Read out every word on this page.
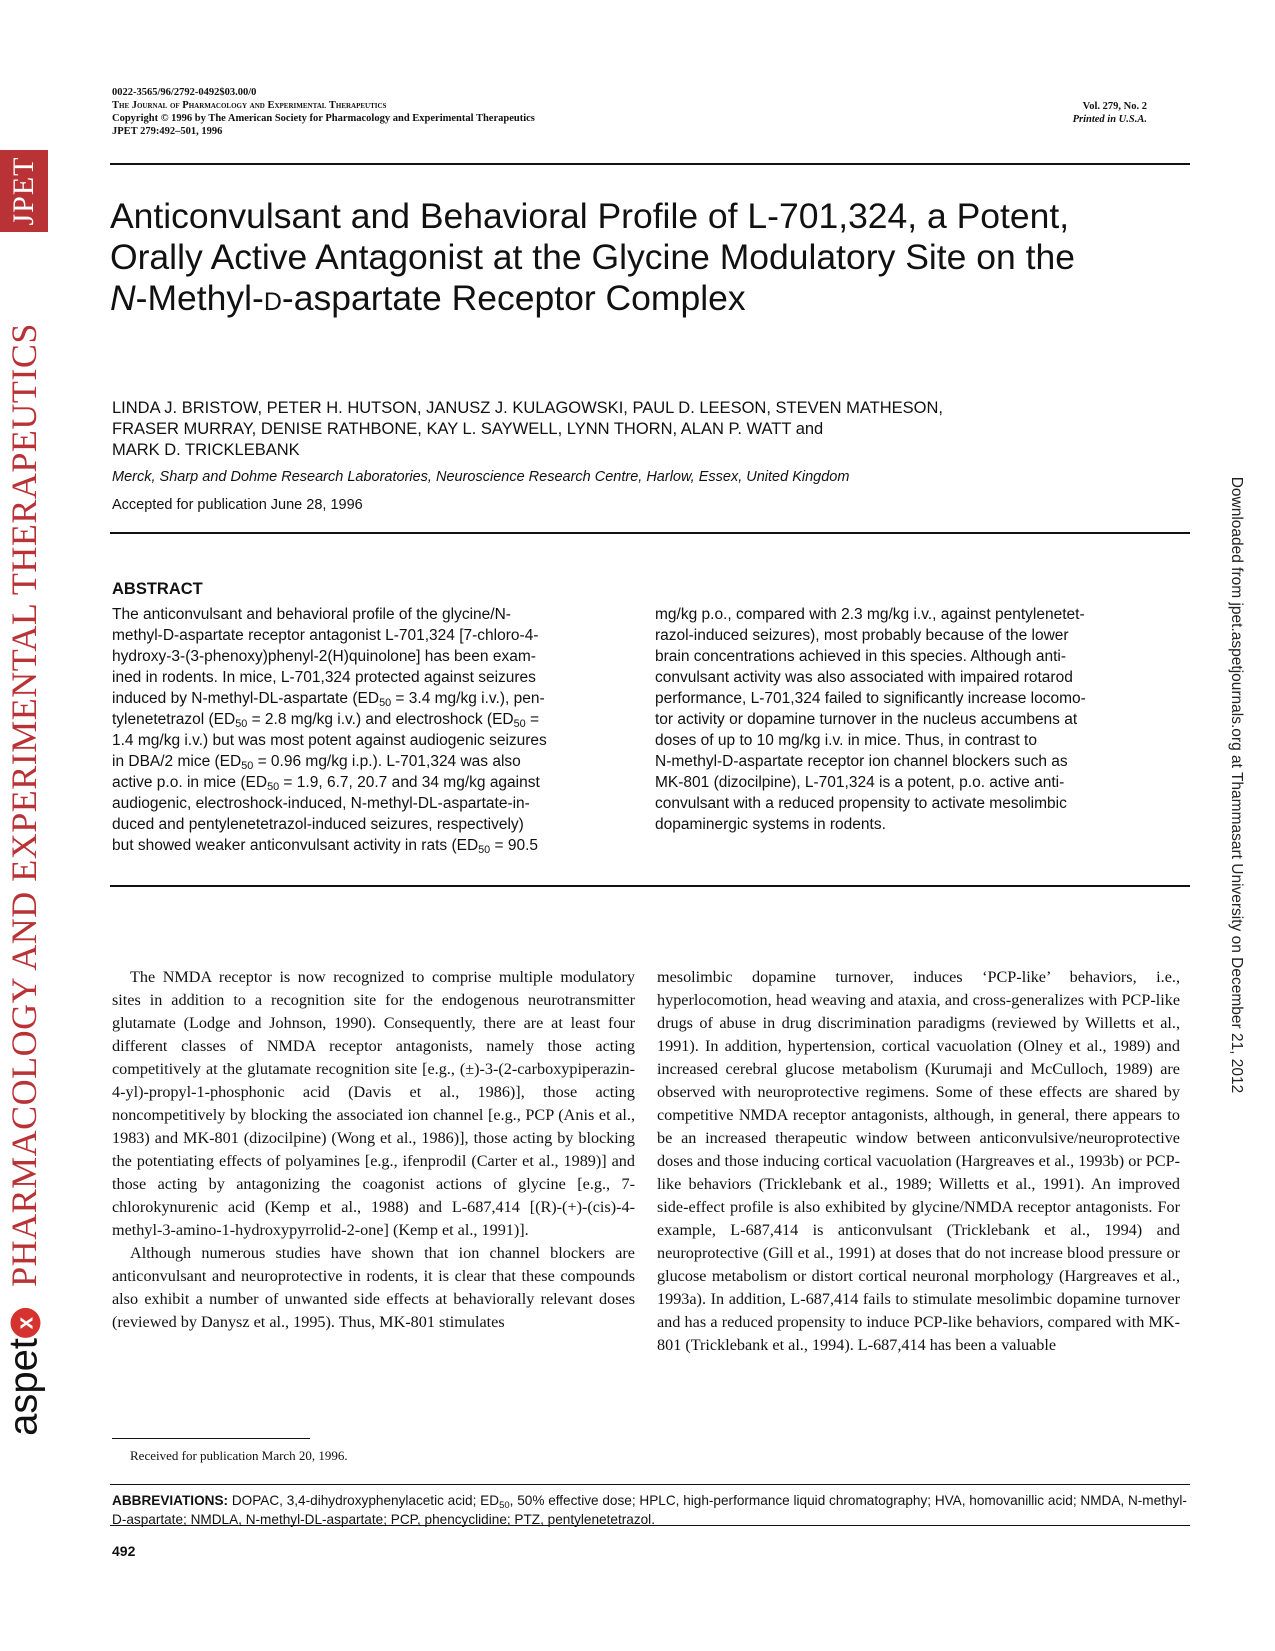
0022-3565/96/2792-0492$03.00/0
The Journal of Pharmacology and Experimental Therapeutics
Copyright © 1996 by The American Society for Pharmacology and Experimental Therapeutics
JPET 279:492–501, 1996
Vol. 279, No. 2
Printed in U.S.A.
Anticonvulsant and Behavioral Profile of L-701,324, a Potent,
Orally Active Antagonist at the Glycine Modulatory Site on the
N-Methyl-d-aspartate Receptor Complex
LINDA J. BRISTOW, PETER H. HUTSON, JANUSZ J. KULAGOWSKI, PAUL D. LEESON, STEVEN MATHESON,
FRASER MURRAY, DENISE RATHBONE, KAY L. SAYWELL, LYNN THORN, ALAN P. WATT and
MARK D. TRICKLEBANK
Merck, Sharp and Dohme Research Laboratories, Neuroscience Research Centre, Harlow, Essex, United Kingdom
Accepted for publication June 28, 1996
ABSTRACT
The anticonvulsant and behavioral profile of the glycine/N-
methyl-D-aspartate receptor antagonist L-701,324 [7-chloro-4-
hydroxy-3-(3-phenoxy)phenyl-2(H)quinolone] has been exam-
ined in rodents. In mice, L-701,324 protected against seizures
induced by N-methyl-DL-aspartate ($ED_{50} = 3.4$ mg/kg i.v.), pen-
tylenetetrazol ($ED_{50} = 2.8$ mg/kg i.v.) and electroshock ($ED_{50}$ =
1.4 mg/kg i.v.) but was most potent against audiogenic seizures
in DBA/2 mice ($ED_{50} = 0.96$ mg/kg i.p.). L-701,324 was also
active p.o. in mice ($ED_{50} = 1.9$, 6.7, 20.7 and 34 mg/kg against
audiogenic, electroshock-induced, N-methyl-DL-aspartate-in-
duced and pentylenetetrazol-induced seizures, respectively)
but showed weaker anticonvulsant activity in rats ($ED_{50} = 90.5$
mg/kg p.o., compared with 2.3 mg/kg i.v., against pentylenetet-
razol-induced seizures), most probably because of the lower
brain concentrations achieved in this species. Although anti-
convulsant activity was also associated with impaired rotarod
performance, L-701,324 failed to significantly increase locomo-
tor activity or dopamine turnover in the nucleus accumbens at
doses of up to 10 mg/kg i.v. in mice. Thus, in contrast to
N-methyl-D-aspartate receptor ion channel blockers such as
MK-801 (dizocilpine), L-701,324 is a potent, p.o. active anti-
convulsant with a reduced propensity to activate mesolimbic
dopaminergic systems in rodents.

The NMDA receptor is now recognized to comprise multiple modulatory sites in addition to a recognition site for the endogenous neurotransmitter glutamate (Lodge and Johnson, 1990). Consequently, there are at least four different classes of NMDA receptor antagonists, namely those acting competitively at the glutamate recognition site [e.g., (±)-3-(2-carboxypiperazin-4-yl)-propyl-1-phosphonic acid (Davis et al., 1986)], those acting noncompetitively by blocking the associated ion channel [e.g., PCP (Anis et al., 1983) and MK-801 (dizocilpine) (Wong et al., 1986)], those acting by blocking the potentiating effects of polyamines [e.g., ifenprodil (Carter et al., 1989)] and those acting by antagonizing the coagonist actions of glycine [e.g., 7-chlorokynurenic acid (Kemp et al., 1988) and L-687,414 [(R)-(+)-(cis)-4-methyl-3-amino-1-hydroxypyrrolid-2-one] (Kemp et al., 1991)].

Although numerous studies have shown that ion channel blockers are anticonvulsant and neuroprotective in rodents, it is clear that these compounds also exhibit a number of unwanted side effects at behaviorally relevant doses (reviewed by Danysz et al., 1995). Thus, MK-801 stimulates

mesolimbic dopamine turnover, induces ‘PCP-like’ behaviors, i.e., hyperlocomotion, head weaving and ataxia, and cross-generalizes with PCP-like drugs of abuse in drug discrimination paradigms (reviewed by Willetts et al., 1991). In addition, hypertension, cortical vacuolation (Olney et al., 1989) and increased cerebral glucose metabolism (Kurumaji and McCulloch, 1989) are observed with neuroprotective regimens. Some of these effects are shared by competitive NMDA receptor antagonists, although, in general, there appears to be an increased therapeutic window between anticonvulsive/neuroprotective doses and those inducing cortical vacuolation (Hargreaves et al., 1993b) or PCP-like behaviors (Tricklebank et al., 1989; Willetts et al., 1991). An improved side-effect profile is also exhibited by glycine/NMDA receptor antagonists. For example, L-687,414 is anticonvulsant (Tricklebank et al., 1994) and neuroprotective (Gill et al., 1991) at doses that do not increase blood pressure or glucose metabolism or distort cortical neuronal morphology (Hargreaves et al., 1993a). In addition, L-687,414 fails to stimulate mesolimbic dopamine turnover and has a reduced propensity to induce PCP-like behaviors, compared with MK-801 (Tricklebank et al., 1994). L-687,414 has been a valuable

Received for publication March 20, 1996.
ABBREVIATIONS: DOPAC, 3,4-dihydroxyphenylacetic acid; $ED_{50}$, 50% effective dose; HPLC, high-performance liquid chromatography; HVA, homovanillic acid; NMDA, N-methyl-D-aspartate; NMDLA, N-methyl-DL-aspartate; PCP, phencyclidine; PTZ, pentylenetetrazol.
492
JPET
PHARMACOLOGY AND EXPERIMENTAL THERAPEUTICS
aspetx
Downloaded from jpet.aspetjournals.org at Thammasart University on December 21, 2012
